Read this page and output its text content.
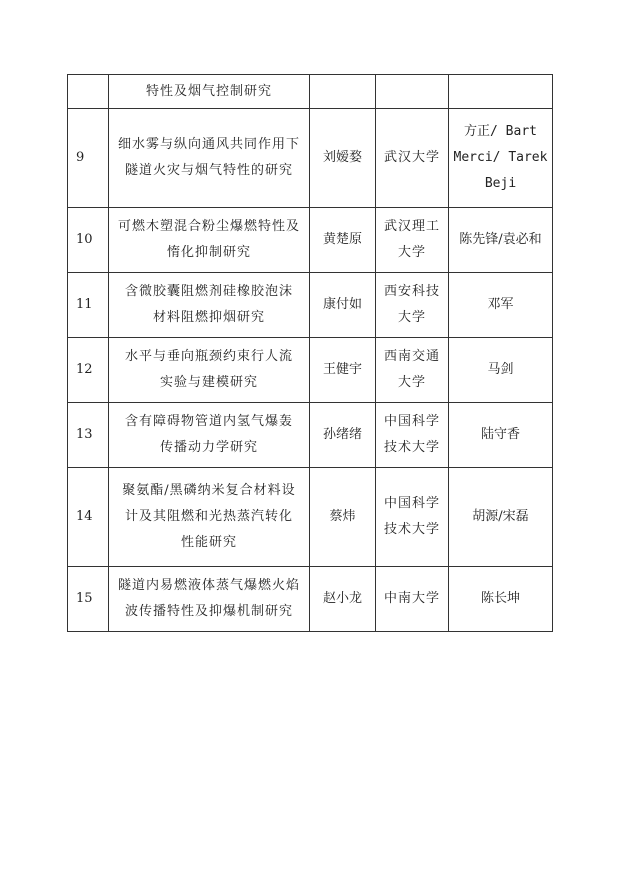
	特性及烟气控制研究			

9	细水雾与纵向通风共同作用下
隧道火灾与烟气特性的研究	刘嫒婺	武汉大学	方正/ Bart
Merci/ Tarek
Beji

10	可燃木塑混合粉尘爆燃特性及
惰化抑制研究	黄楚原	武汉理工
大学	陈先锋/袁必和

11	含微胶囊阻燃剂硅橡胶泡沫
材料阻燃抑烟研究	康付如	西安科技
大学	邓军

12	水平与垂向瓶颈约束行人流
实验与建模研究	王健宇	西南交通
大学	马剑

13	含有障碍物管道内氢气爆轰
传播动力学研究	孙绪绪	中国科学
技术大学	陆守香

14	聚氨酯/黑磷纳米复合材料设
计及其阻燃和光热蒸汽转化
性能研究	蔡炜	中国科学
技术大学	胡源/宋磊

15	隧道内易燃液体蒸气爆燃火焰
波传播特性及抑爆机制研究	赵小龙	中南大学	陈长坤
